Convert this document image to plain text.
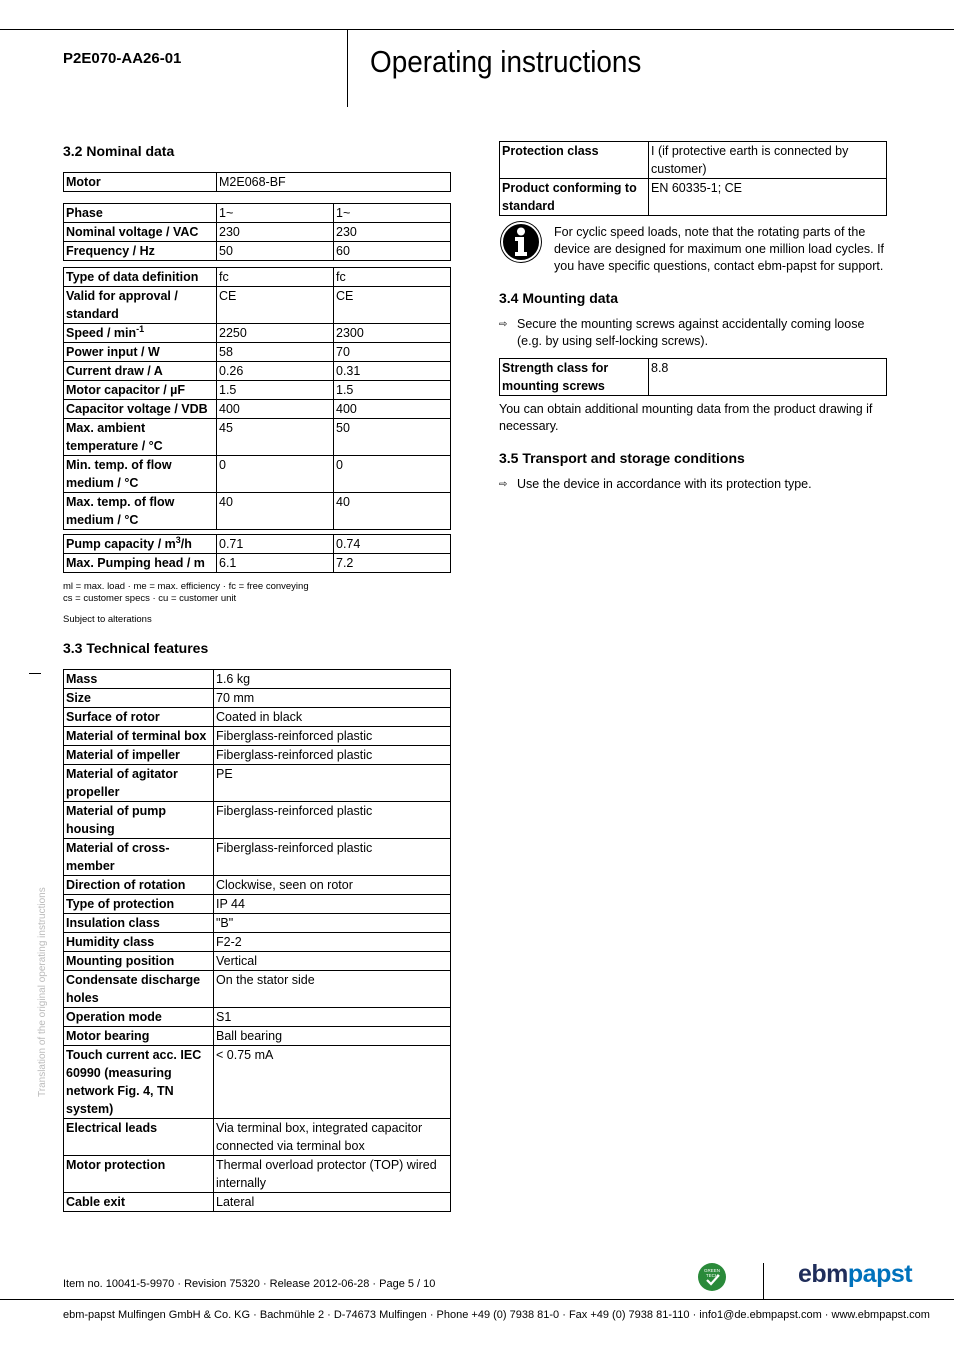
P2E070-AA26-01	Operating instructions
3.2 Nominal data
Motor	M2E068-BF
Phase	1~	1~
Nominal voltage / VAC	230	230
Frequency / Hz	50	60
Type of data definition	fc	fc
Valid for approval / standard	CE	CE
Speed / $\min^{-1}$	2250	2300
Power input / W	58	70
Current draw / A	0.26	0.31
Motor capacitor / µF	1.5	1.5
Capacitor voltage / VDB	400	400
Max. ambient temperature / °C	45	50
Min. temp. of flow medium / °C	0	0
Max. temp. of flow medium / °C	40	40
Pump capacity / $m^3/h$	0.71	0.74
Max. Pumping head / m	6.1	7.2
ml = max. load · me = max. efficiency · fc = free conveying
cs = customer specs · cu = customer unit
Subject to alterations
3.3 Technical features
Mass	1.6 kg
Size	70 mm
Surface of rotor	Coated in black
Material of terminal box	Fiberglass-reinforced plastic
Material of impeller	Fiberglass-reinforced plastic
Material of agitator propeller	PE
Material of pump housing	Fiberglass-reinforced plastic
Material of cross-member	Fiberglass-reinforced plastic
Direction of rotation	Clockwise, seen on rotor
Type of protection	IP 44
Insulation class	"B"
Humidity class	F2-2
Mounting position	Vertical
Condensate discharge holes	On the stator side
Operation mode	S1
Motor bearing	Ball bearing
Touch current acc. IEC 60990 (measuring network Fig. 4, TN system)	< 0.75 mA
Electrical leads	Via terminal box, integrated capacitor connected via terminal box
Motor protection	Thermal overload protector (TOP) wired internally
Cable exit	Lateral
Translation of the original operating instructions
Protection class	I (if protective earth is connected by customer)
Product conforming to standard	EN 60335-1; CE
For cyclic speed loads, note that the rotating parts of the device are designed for maximum one million load cycles. If you have specific questions, contact ebm-papst for support.
3.4 Mounting data
⇨ Secure the mounting screws against accidentally coming loose (e.g. by using self-locking screws).
Strength class for mounting screws	8.8
You can obtain additional mounting data from the product drawing if necessary.
3.5 Transport and storage conditions
⇨ Use the device in accordance with its protection type.
Item no. 10041-5-9970 · Revision 75320 · Release 2012-06-28 · Page 5 / 10
GREEN
TECH	ebmpapst
ebm-papst Mulfingen GmbH & Co. KG · Bachmühle 2 · D-74673 Mulfingen · Phone +49 (0) 7938 81-0 · Fax +49 (0) 7938 81-110 · info1@de.ebmpapst.com · www.ebmpapst.com
